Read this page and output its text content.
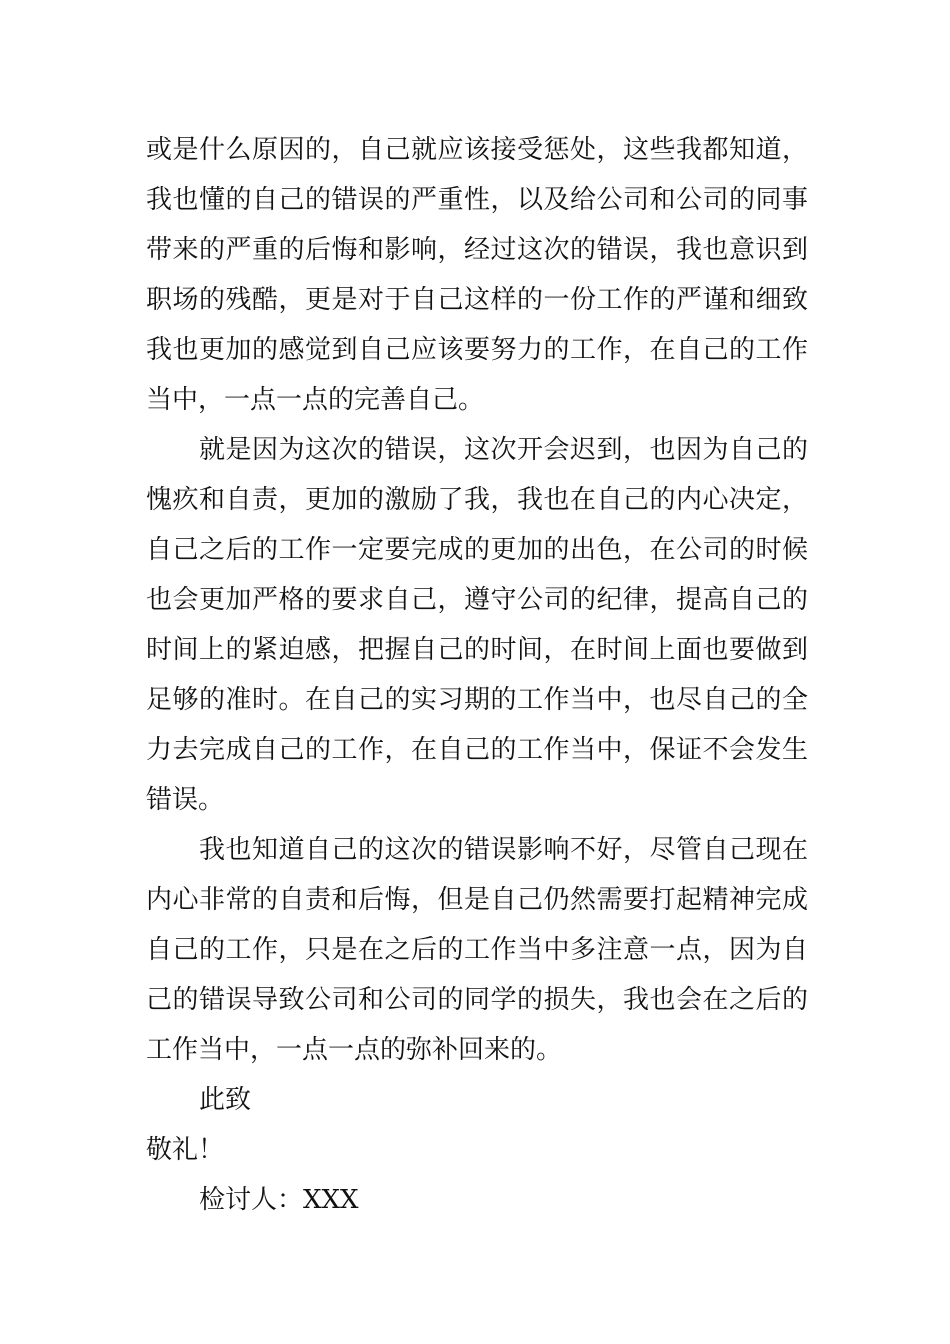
或是什么原因的，自己就应该接受惩处，这些我都知道，
我也懂的自己的错误的严重性，以及给公司和公司的同事
带来的严重的后悔和影响，经过这次的错误，我也意识到
职场的残酷，更是对于自己这样的一份工作的严谨和细致
我也更加的感觉到自己应该要努力的工作，在自己的工作
当中，一点一点的完善自己。
就是因为这次的错误，这次开会迟到，也因为自己的
愧疚和自责，更加的激励了我，我也在自己的内心决定，
自己之后的工作一定要完成的更加的出色，在公司的时候
也会更加严格的要求自己，遵守公司的纪律，提高自己的
时间上的紧迫感，把握自己的时间，在时间上面也要做到
足够的准时。在自己的实习期的工作当中，也尽自己的全
力去完成自己的工作，在自己的工作当中，保证不会发生
错误。
我也知道自己的这次的错误影响不好，尽管自己现在
内心非常的自责和后悔，但是自己仍然需要打起精神完成
自己的工作，只是在之后的工作当中多注意一点，因为自
己的错误导致公司和公司的同学的损失，我也会在之后的
工作当中，一点一点的弥补回来的。
此致
敬礼！
检讨人：XXX
